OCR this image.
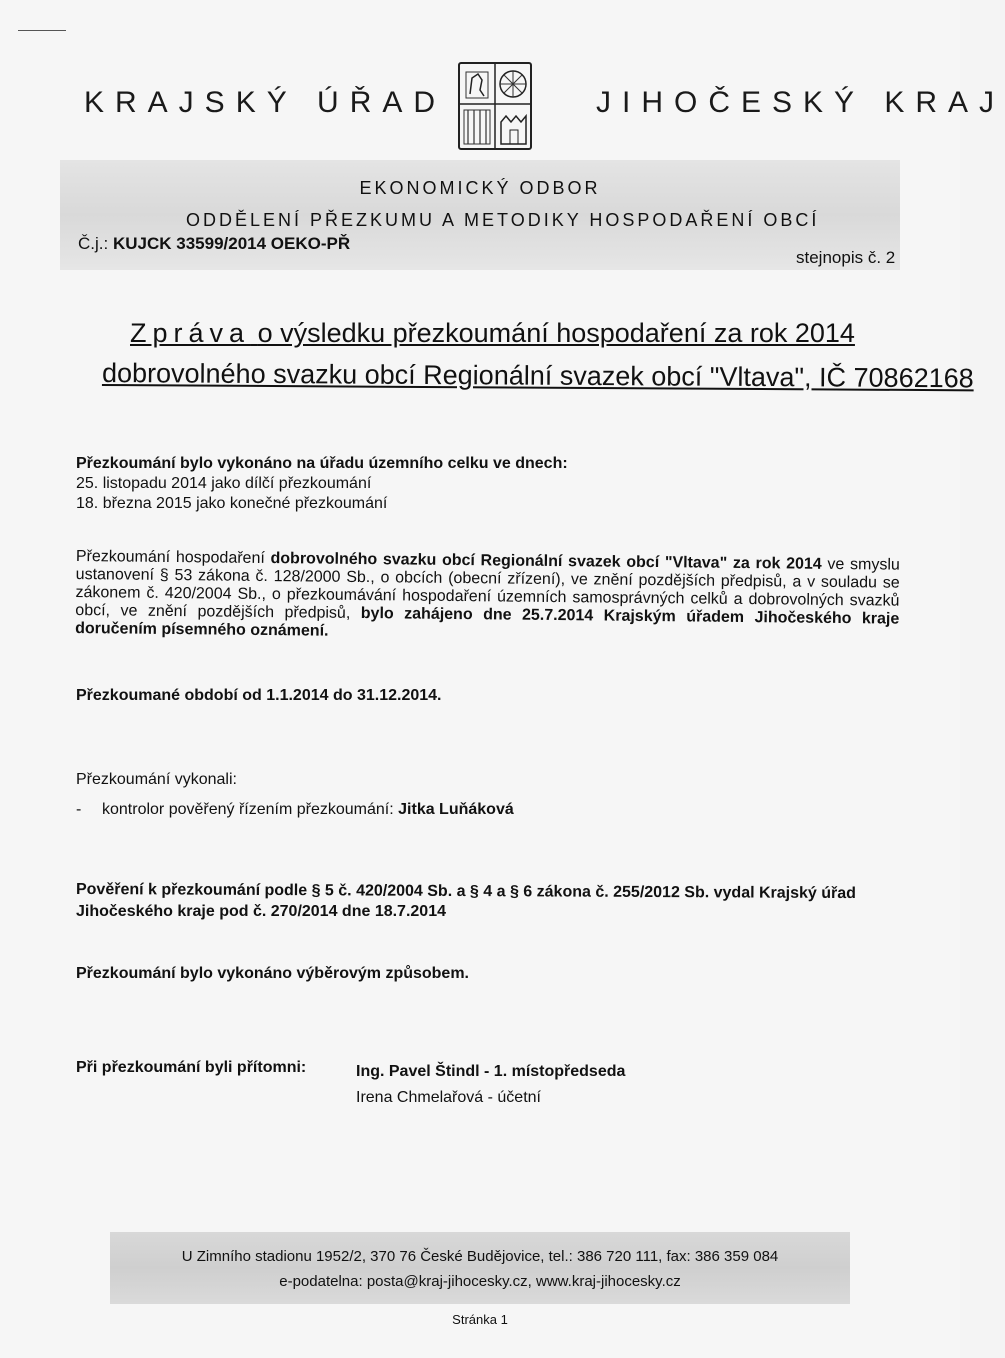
KRAJSKÝ ÚŘAD	JIHOČESKÝ KRAJ
EKONOMICKÝ ODBOR
ODDĚLENÍ PŘEZKUMU A METODIKY HOSPODAŘENÍ OBCÍ
Č.j.: KUJCK 33599/2014 OEKO-PŘ
stejnopis č. 2
Zpráva o výsledku přezkoumání hospodaření za rok 2014
dobrovolného svazku obcí Regionální svazek obcí "Vltava", IČ 70862168
Přezkoumání bylo vykonáno na úřadu územního celku ve dnech:
25. listopadu 2014 jako dílčí přezkoumání
18. března 2015 jako konečné přezkoumání
Přezkoumání hospodaření dobrovolného svazku obcí Regionální svazek obcí "Vltava" za rok 2014 ve smyslu ustanovení § 53 zákona č. 128/2000 Sb., o obcích (obecní zřízení), ve znění pozdějších předpisů, a v souladu se zákonem č. 420/2004 Sb., o přezkoumávání hospodaření územních samosprávných celků a dobrovolných svazků obcí, ve znění pozdějších předpisů, bylo zahájeno dne 25.7.2014 Krajským úřadem Jihočeského kraje doručením písemného oznámení.
Přezkoumané období od 1.1.2014 do 31.12.2014.
Přezkoumání vykonali:
- kontrolor pověřený řízením přezkoumání: Jitka Luňáková
Pověření k přezkoumání podle § 5 č. 420/2004 Sb. a § 4 a § 6 zákona č. 255/2012 Sb. vydal Krajský úřad
Jihočeského kraje pod č. 270/2014 dne 18.7.2014
Přezkoumání bylo vykonáno výběrovým způsobem.
Při přezkoumání byli přítomni:	Ing. Pavel Štindl - 1. místopředseda
Irena Chmelařová - účetní
U Zimního stadionu 1952/2, 370 76 České Budějovice, tel.: 386 720 111, fax: 386 359 084
e-podatelna: posta@kraj-jihocesky.cz, www.kraj-jihocesky.cz
Stránka 1
